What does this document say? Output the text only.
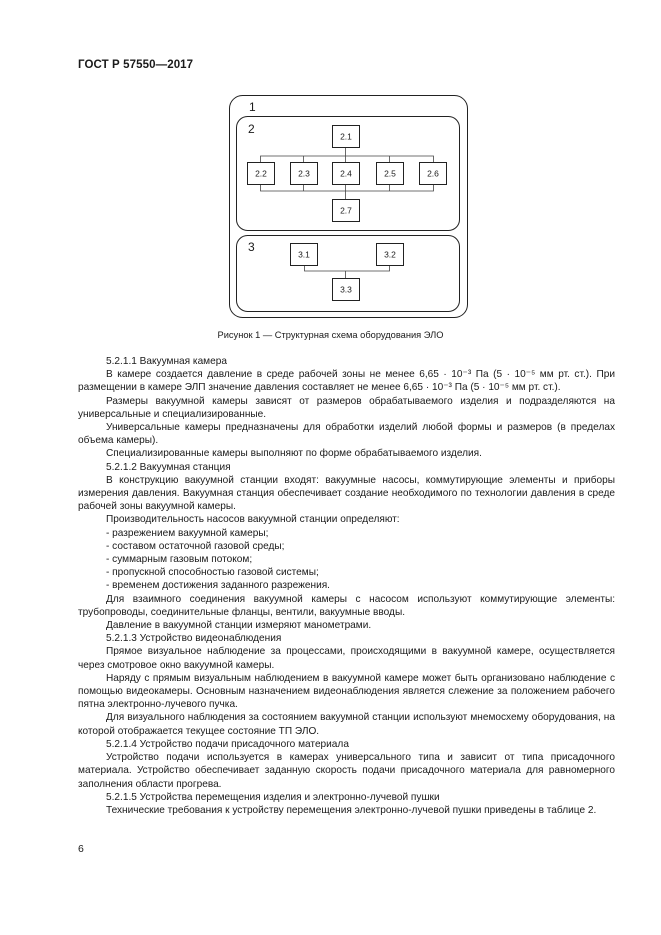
ГОСТ Р 57550—2017
1
2
3
2.1
2.2	2.3	2.4	2.5	2.6
2.7
3.1	3.2
3.3
Рисунок 1 — Структурная схема оборудования ЭЛО

5.2.1.1 Вакуумная камера

В камере создается давление в среде рабочей зоны не менее 6,65 · 10⁻³ Па (5 · 10⁻⁵ мм рт. ст.). При размещении в камере ЭЛП значение давления составляет не менее 6,65 · 10⁻³ Па (5 · 10⁻⁵ мм рт. ст.).

Размеры вакуумной камеры зависят от размеров обрабатываемого изделия и подразделяются на универсальные и специализированные.

Универсальные камеры предназначены для обработки изделий любой формы и размеров (в пределах объема камеры).

Специализированные камеры выполняют по форме обрабатываемого изделия.

5.2.1.2 Вакуумная станция

В конструкцию вакуумной станции входят: вакуумные насосы, коммутирующие элементы и приборы измерения давления. Вакуумная станция обеспечивает создание необходимого по технологии давления в среде рабочей зоны вакуумной камеры.

Производительность насосов вакуумной станции определяют:

- разрежением вакуумной камеры;

- составом остаточной газовой среды;

- суммарным газовым потоком;

- пропускной способностью газовой системы;

- временем достижения заданного разрежения.

Для взаимного соединения вакуумной камеры с насосом используют коммутирующие элементы: трубопроводы, соединительные фланцы, вентили, вакуумные вводы.

Давление в вакуумной станции измеряют манометрами.

5.2.1.3 Устройство видеонаблюдения

Прямое визуальное наблюдение за процессами, происходящими в вакуумной камере, осуществляется через смотровое окно вакуумной камеры.

Наряду с прямым визуальным наблюдением в вакуумной камере может быть организовано наблюдение с помощью видеокамеры. Основным назначением видеонаблюдения является слежение за положением рабочего пятна электронно-лучевого пучка.

Для визуального наблюдения за состоянием вакуумной станции используют мнемосхему оборудования, на которой отображается текущее состояние ТП ЭЛО.

5.2.1.4 Устройство подачи присадочного материала

Устройство подачи используется в камерах универсального типа и зависит от типа присадочного материала. Устройство обеспечивает заданную скорость подачи присадочного материала для равномерного заполнения области прогрева.

5.2.1.5 Устройства перемещения изделия и электронно-лучевой пушки

Технические требования к устройству перемещения электронно-лучевой пушки приведены в таблице 2.

6
